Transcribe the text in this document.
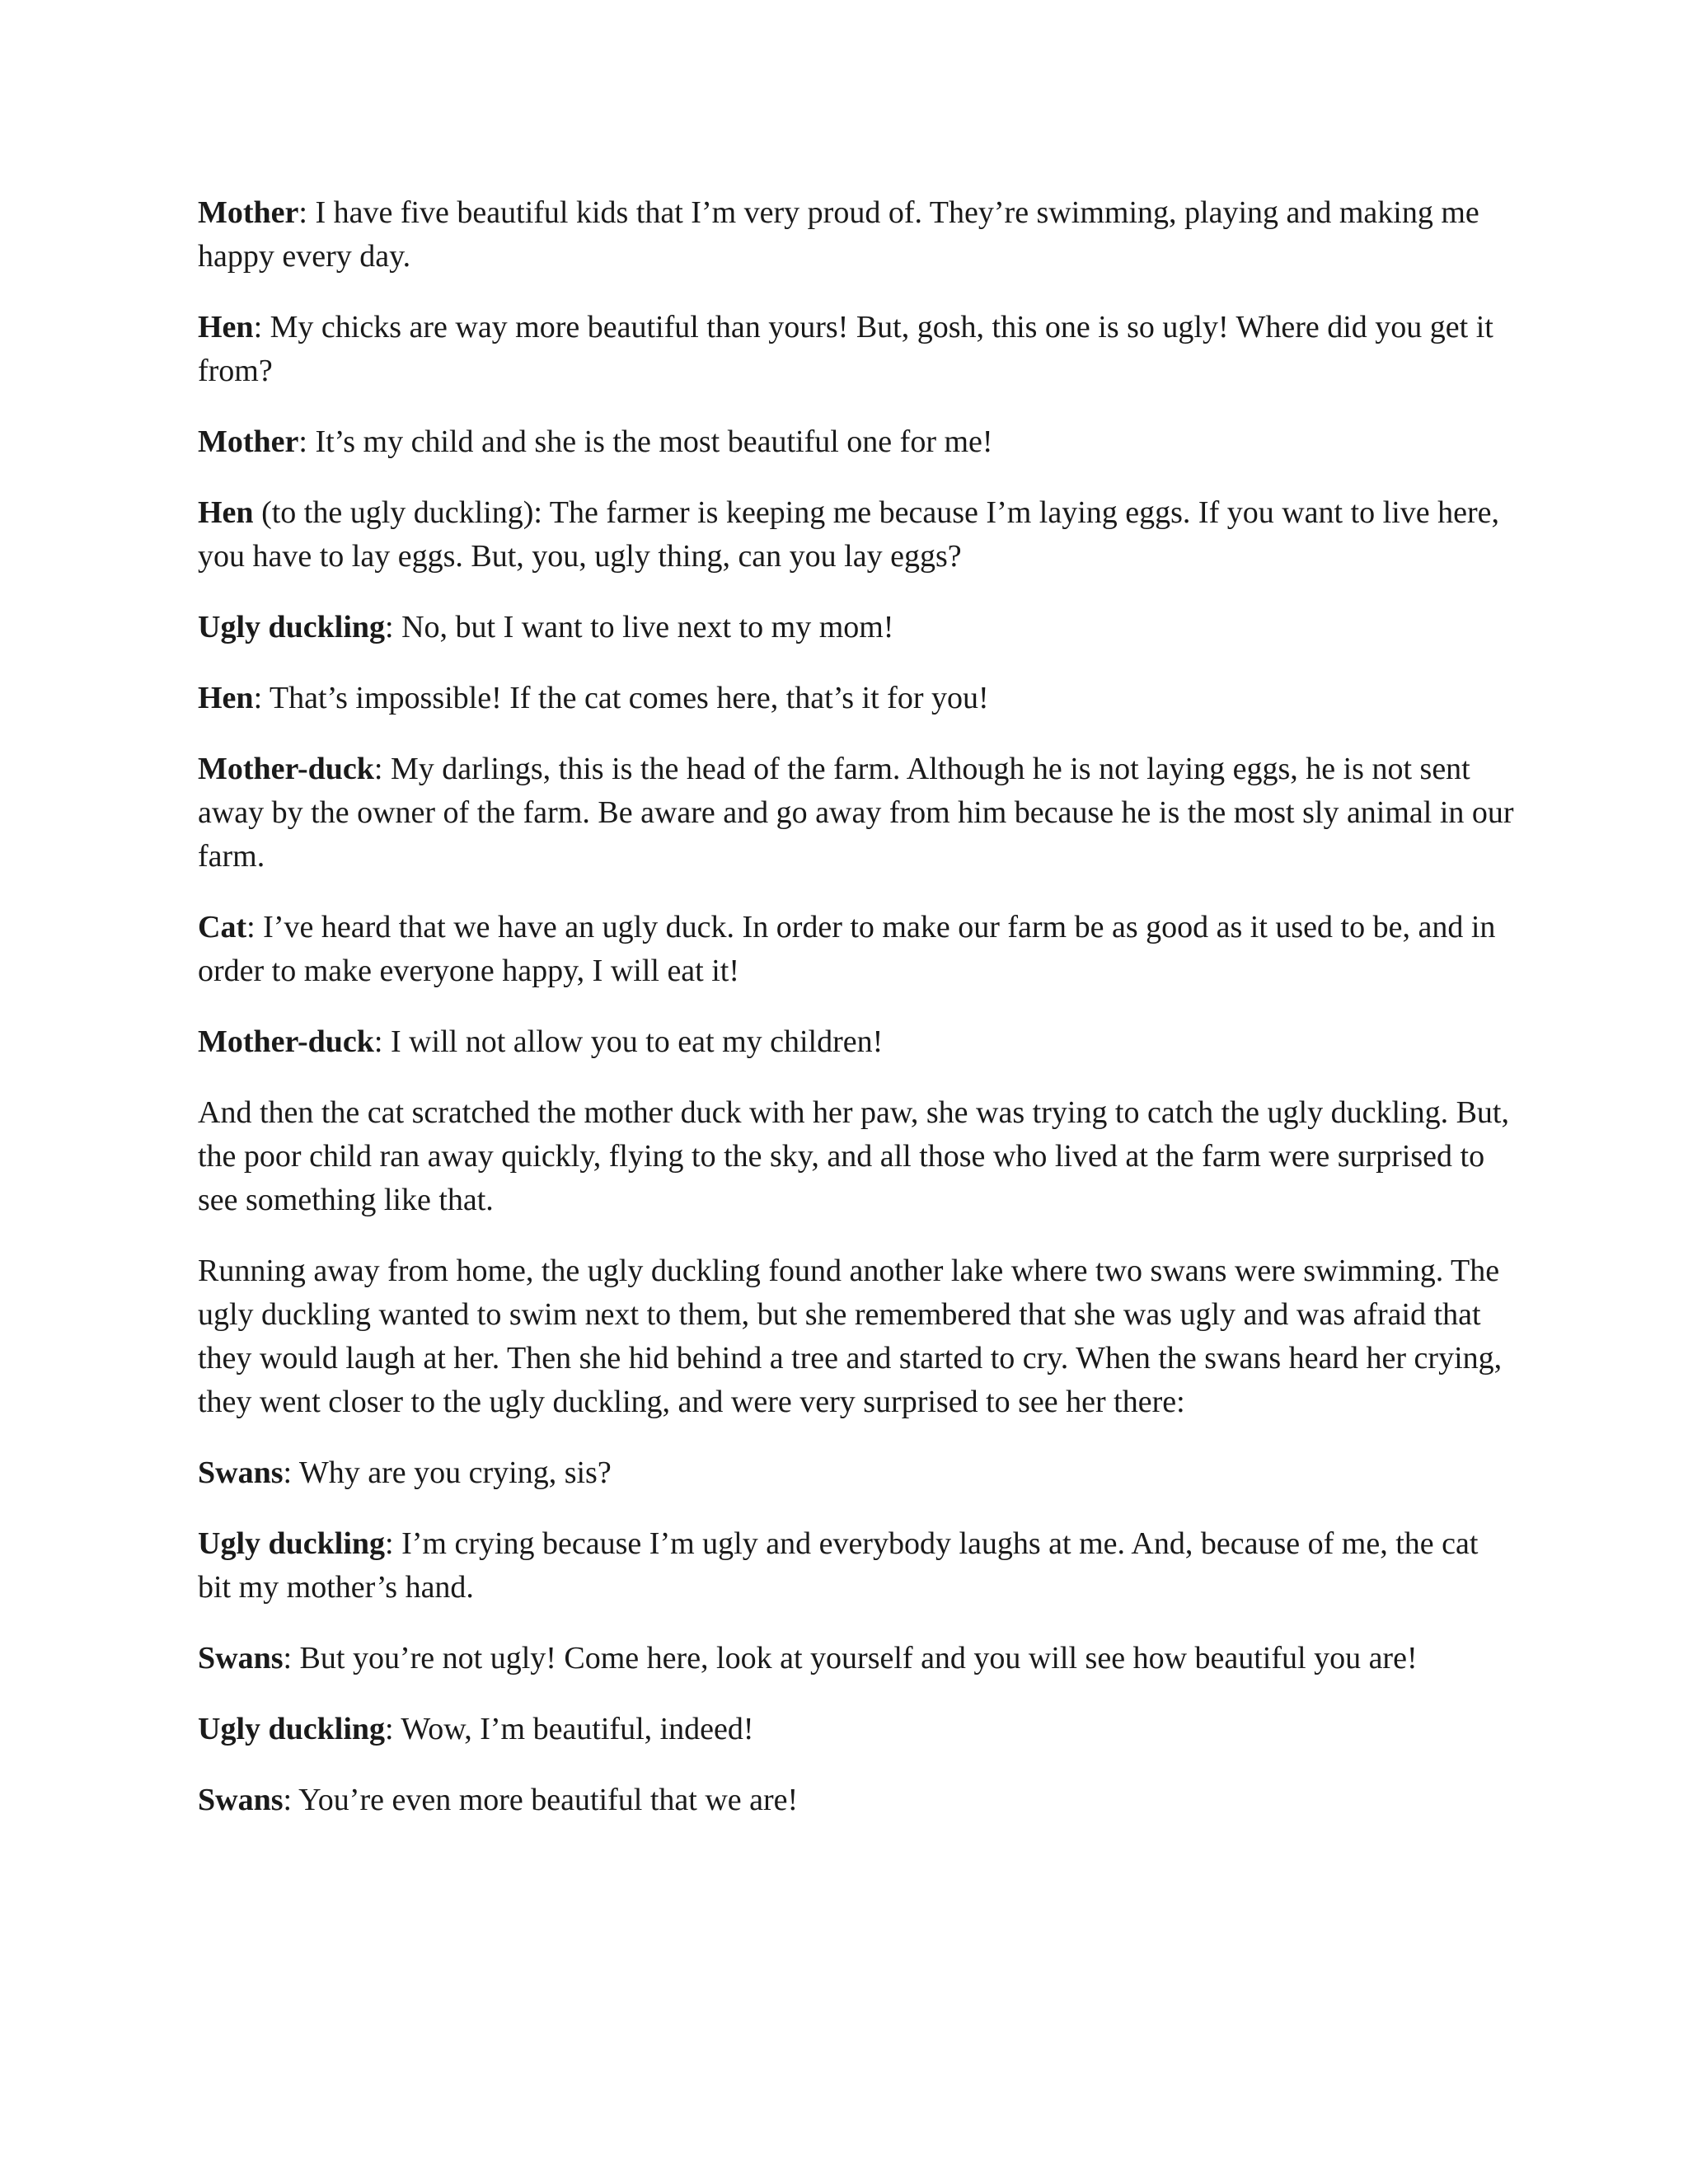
Mother: I have five beautiful kids that I’m very proud of. They’re swimming, playing and making me happy every day.

Hen: My chicks are way more beautiful than yours! But, gosh, this one is so ugly! Where did you get it from?

Mother: It’s my child and she is the most beautiful one for me!

Hen (to the ugly duckling): The farmer is keeping me because I’m laying eggs. If you want to live here, you have to lay eggs. But, you, ugly thing, can you lay eggs?

Ugly duckling: No, but I want to live next to my mom!

Hen: That’s impossible! If the cat comes here, that’s it for you!

Mother-duck: My darlings, this is the head of the farm. Although he is not laying eggs, he is not sent away by the owner of the farm. Be aware and go away from him because he is the most sly animal in our farm.

Cat: I’ve heard that we have an ugly duck. In order to make our farm be as good as it used to be, and in order to make everyone happy, I will eat it!

Mother-duck: I will not allow you to eat my children!

And then the cat scratched the mother duck with her paw, she was trying to catch the ugly duckling. But, the poor child ran away quickly, flying to the sky, and all those who lived at the farm were surprised to see something like that.

Running away from home, the ugly duckling found another lake where two swans were swimming. The ugly duckling wanted to swim next to them, but she remembered that she was ugly and was afraid that they would laugh at her. Then she hid behind a tree and started to cry. When the swans heard her crying, they went closer to the ugly duckling, and were very surprised to see her there:

Swans: Why are you crying, sis?

Ugly duckling: I’m crying because I’m ugly and everybody laughs at me. And, because of me, the cat bit my mother’s hand.

Swans: But you’re not ugly! Come here, look at yourself and you will see how beautiful you are!

Ugly duckling: Wow, I’m beautiful, indeed!

Swans: You’re even more beautiful that we are!
